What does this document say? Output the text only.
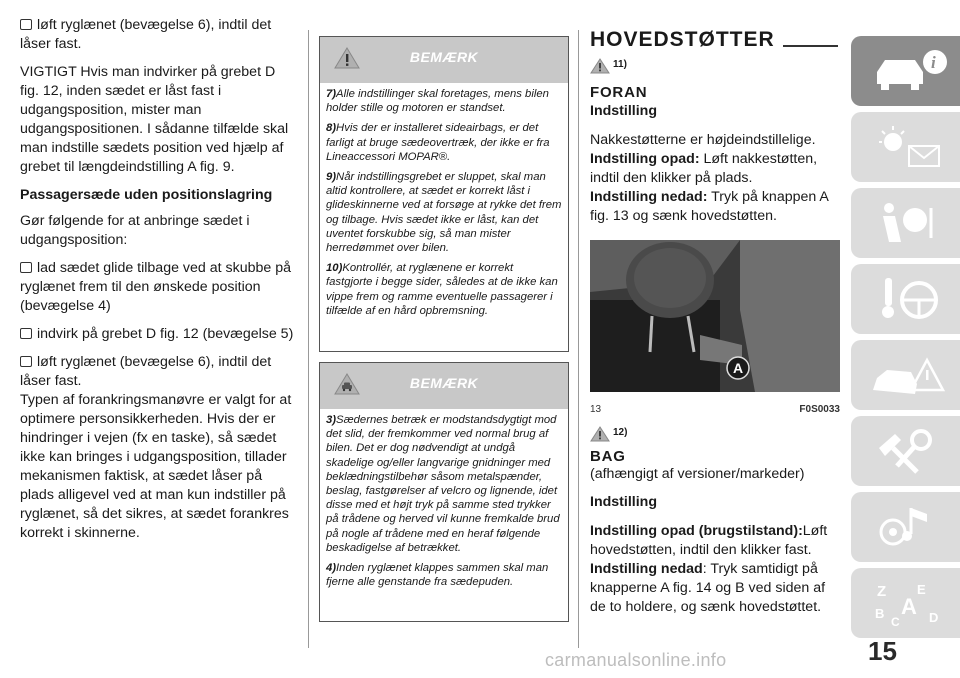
løft ryglænet (bevægelse 6), indtil det låser fast.

VIGTIGT Hvis man indvirker på grebet D fig. 12, inden sædet er låst fast i udgangsposition, mister man udgangspositionen. I sådanne tilfælde skal man indstille sædets position ved hjælp af grebet til længdeindstilling A fig. 9.

Passagersæde uden positionslagring

Gør følgende for at anbringe sædet i udgangsposition:

lad sædet glide tilbage ved at skubbe på ryglænet frem til den ønskede position (bevægelse 4)

indvirk på grebet D fig. 12 (bevægelse 5)

løft ryglænet (bevægelse 6), indtil det låser fast.

Typen af forankringsmanøvre er valgt for at optimere personsikkerheden. Hvis der er hindringer i vejen (fx en taske), så sædet ikke kan bringes i udgangsposition, tillader mekanismen faktisk, at sædet låser på plads alligevel ved at man kun indstiller på ryglænet, så det sikres, at sædet forankres korrekt i skinnerne.

BEMÆRK

7)Alle indstillinger skal foretages, mens bilen holder stille og motoren er standset.

8)Hvis der er installeret sideairbags, er det farligt at bruge sædeovertræk, der ikke er fra Lineaccessori MOPAR®.

9)Når indstillingsgrebet er sluppet, skal man altid kontrollere, at sædet er korrekt låst i glideskinnerne ved at forsøge at rykke det frem og tilbage. Hvis sædet ikke er låst, kan det uventet forskubbe sig, så man mister herredømmet over bilen.

10)Kontrollér, at ryglænene er korrekt fastgjorte i begge sider, således at de ikke kan vippe frem og ramme eventuelle passagerer i tilfælde af en hård opbremsning.

BEMÆRK

3)Sædernes betræk er modstandsdygtigt mod det slid, der fremkommer ved normal brug af bilen. Det er dog nødvendigt at undgå skadelige og/eller langvarige gnidninger med beklædningstilbehør såsom metalspænder, beslag, fastgørelser af velcro og lignende, idet disse med et højt tryk på samme sted trykker på trådene og herved vil kunne fremkalde brud på nogle af trådene med en heraf følgende beskadigelse af betrækket.

4)Inden ryglænet klappes sammen skal man fjerne alle genstande fra sædepuden.

HOVEDSTØTTER
11)
FORAN

Indstilling

Nakkestøtterne er højdeindstillelige.

Indstilling opad: Løft nakkestøtten, indtil den klikker på plads.

Indstilling nedad: Tryk på knappen A fig. 13 og sænk hovedstøtten.

A
13	F0S0033
12)
BAG

(afhængigt af versioner/markeder)

Indstilling

Indstilling opad (brugstilstand):Løft hovedstøtten, indtil den klikker fast.

Indstilling nedad: Tryk samtidigt på knapperne A fig. 14 og B ved siden af de to holdere, og sænk hovedstøttet.

i
Z E
B A
C D
15
carmanualsonline.info
